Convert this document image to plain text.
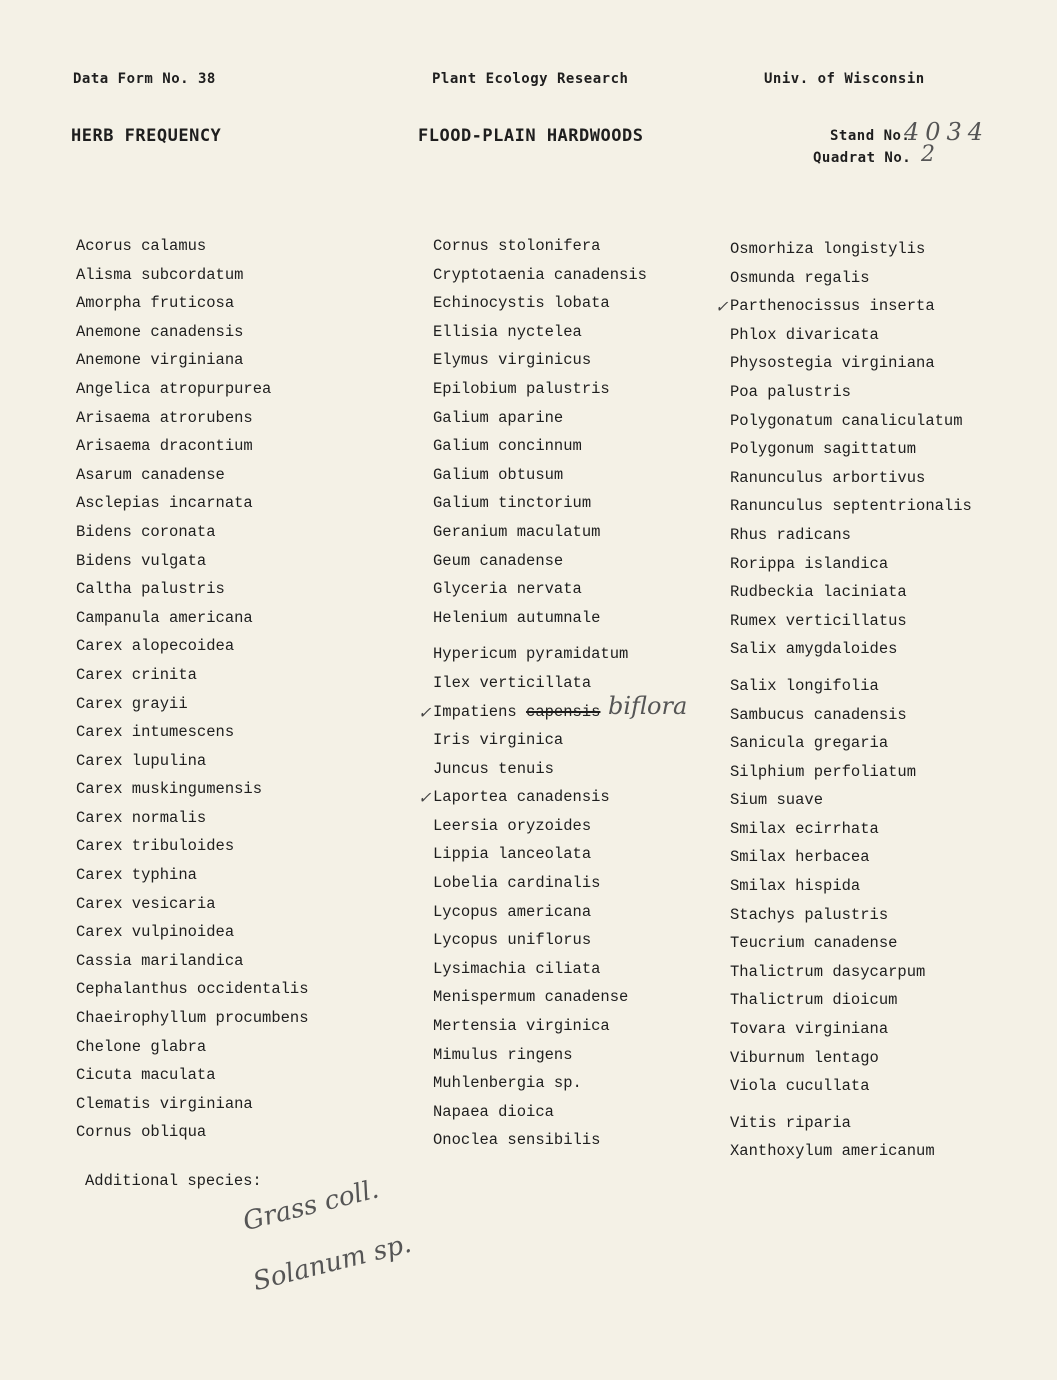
Data Form No. 38	Plant Ecology Research	Univ. of Wisconsin
HERB FREQUENCY	FLOOD-PLAIN HARDWOODS	Stand No.
4034
Quadrat No. 2
Acorus calamus
Alisma subcordatum
Amorpha fruticosa
Anemone canadensis
Anemone virginiana
Angelica atropurpurea
Arisaema atrorubens
Arisaema dracontium
Asarum canadense
Asclepias incarnata
Bidens coronata
Bidens vulgata
Caltha palustris
Campanula americana
Carex alopecoidea
Carex crinita
Carex grayii
Carex intumescens
Carex lupulina
Carex muskingumensis
Carex normalis
Carex tribuloides
Carex typhina
Carex vesicaria
Carex vulpinoidea
Cassia marilandica
Cephalanthus occidentalis
Chaeirophyllum procumbens
Chelone glabra
Cicuta maculata
Clematis virginiana
Cornus obliqua
Cornus stolonifera
Cryptotaenia canadensis
Echinocystis lobata
Ellisia nyctelea
Elymus virginicus
Epilobium palustris
Galium aparine
Galium concinnum
Galium obtusum
Galium tinctorium
Geranium maculatum
Geum canadense
Glyceria nervata
Helenium autumnale
Hypericum pyramidatum
Ilex verticillata
✓ Impatiens capensis biflora
Iris virginica
Juncus tenuis
✓ Laportea canadensis
Leersia oryzoides
Lippia lanceolata
Lobelia cardinalis
Lycopus americana
Lycopus uniflorus
Lysimachia ciliata
Menispermum canadense
Mertensia virginica
Mimulus ringens
Muhlenbergia sp.
Napaea dioica
Onoclea sensibilis
Osmorhiza longistylis
Osmunda regalis
✓ Parthenocissus inserta
Phlox divaricata
Physostegia virginiana
Poa palustris
Polygonatum canaliculatum
Polygonum sagittatum
Ranunculus arbortivus
Ranunculus septentrionalis
Rhus radicans
Rorippa islandica
Rudbeckia laciniata
Rumex verticillatus
Salix amygdaloides
Salix longifolia
Sambucus canadensis
Sanicula gregaria
Silphium perfoliatum
Sium suave
Smilax ecirrhata
Smilax herbacea
Smilax hispida
Stachys palustris
Teucrium canadense
Thalictrum dasycarpum
Thalictrum dioicum
Tovara virginiana
Viburnum lentago
Viola cucullata
Vitis riparia
Xanthoxylum americanum
Additional species:
Grass coll.
Solanum sp.
